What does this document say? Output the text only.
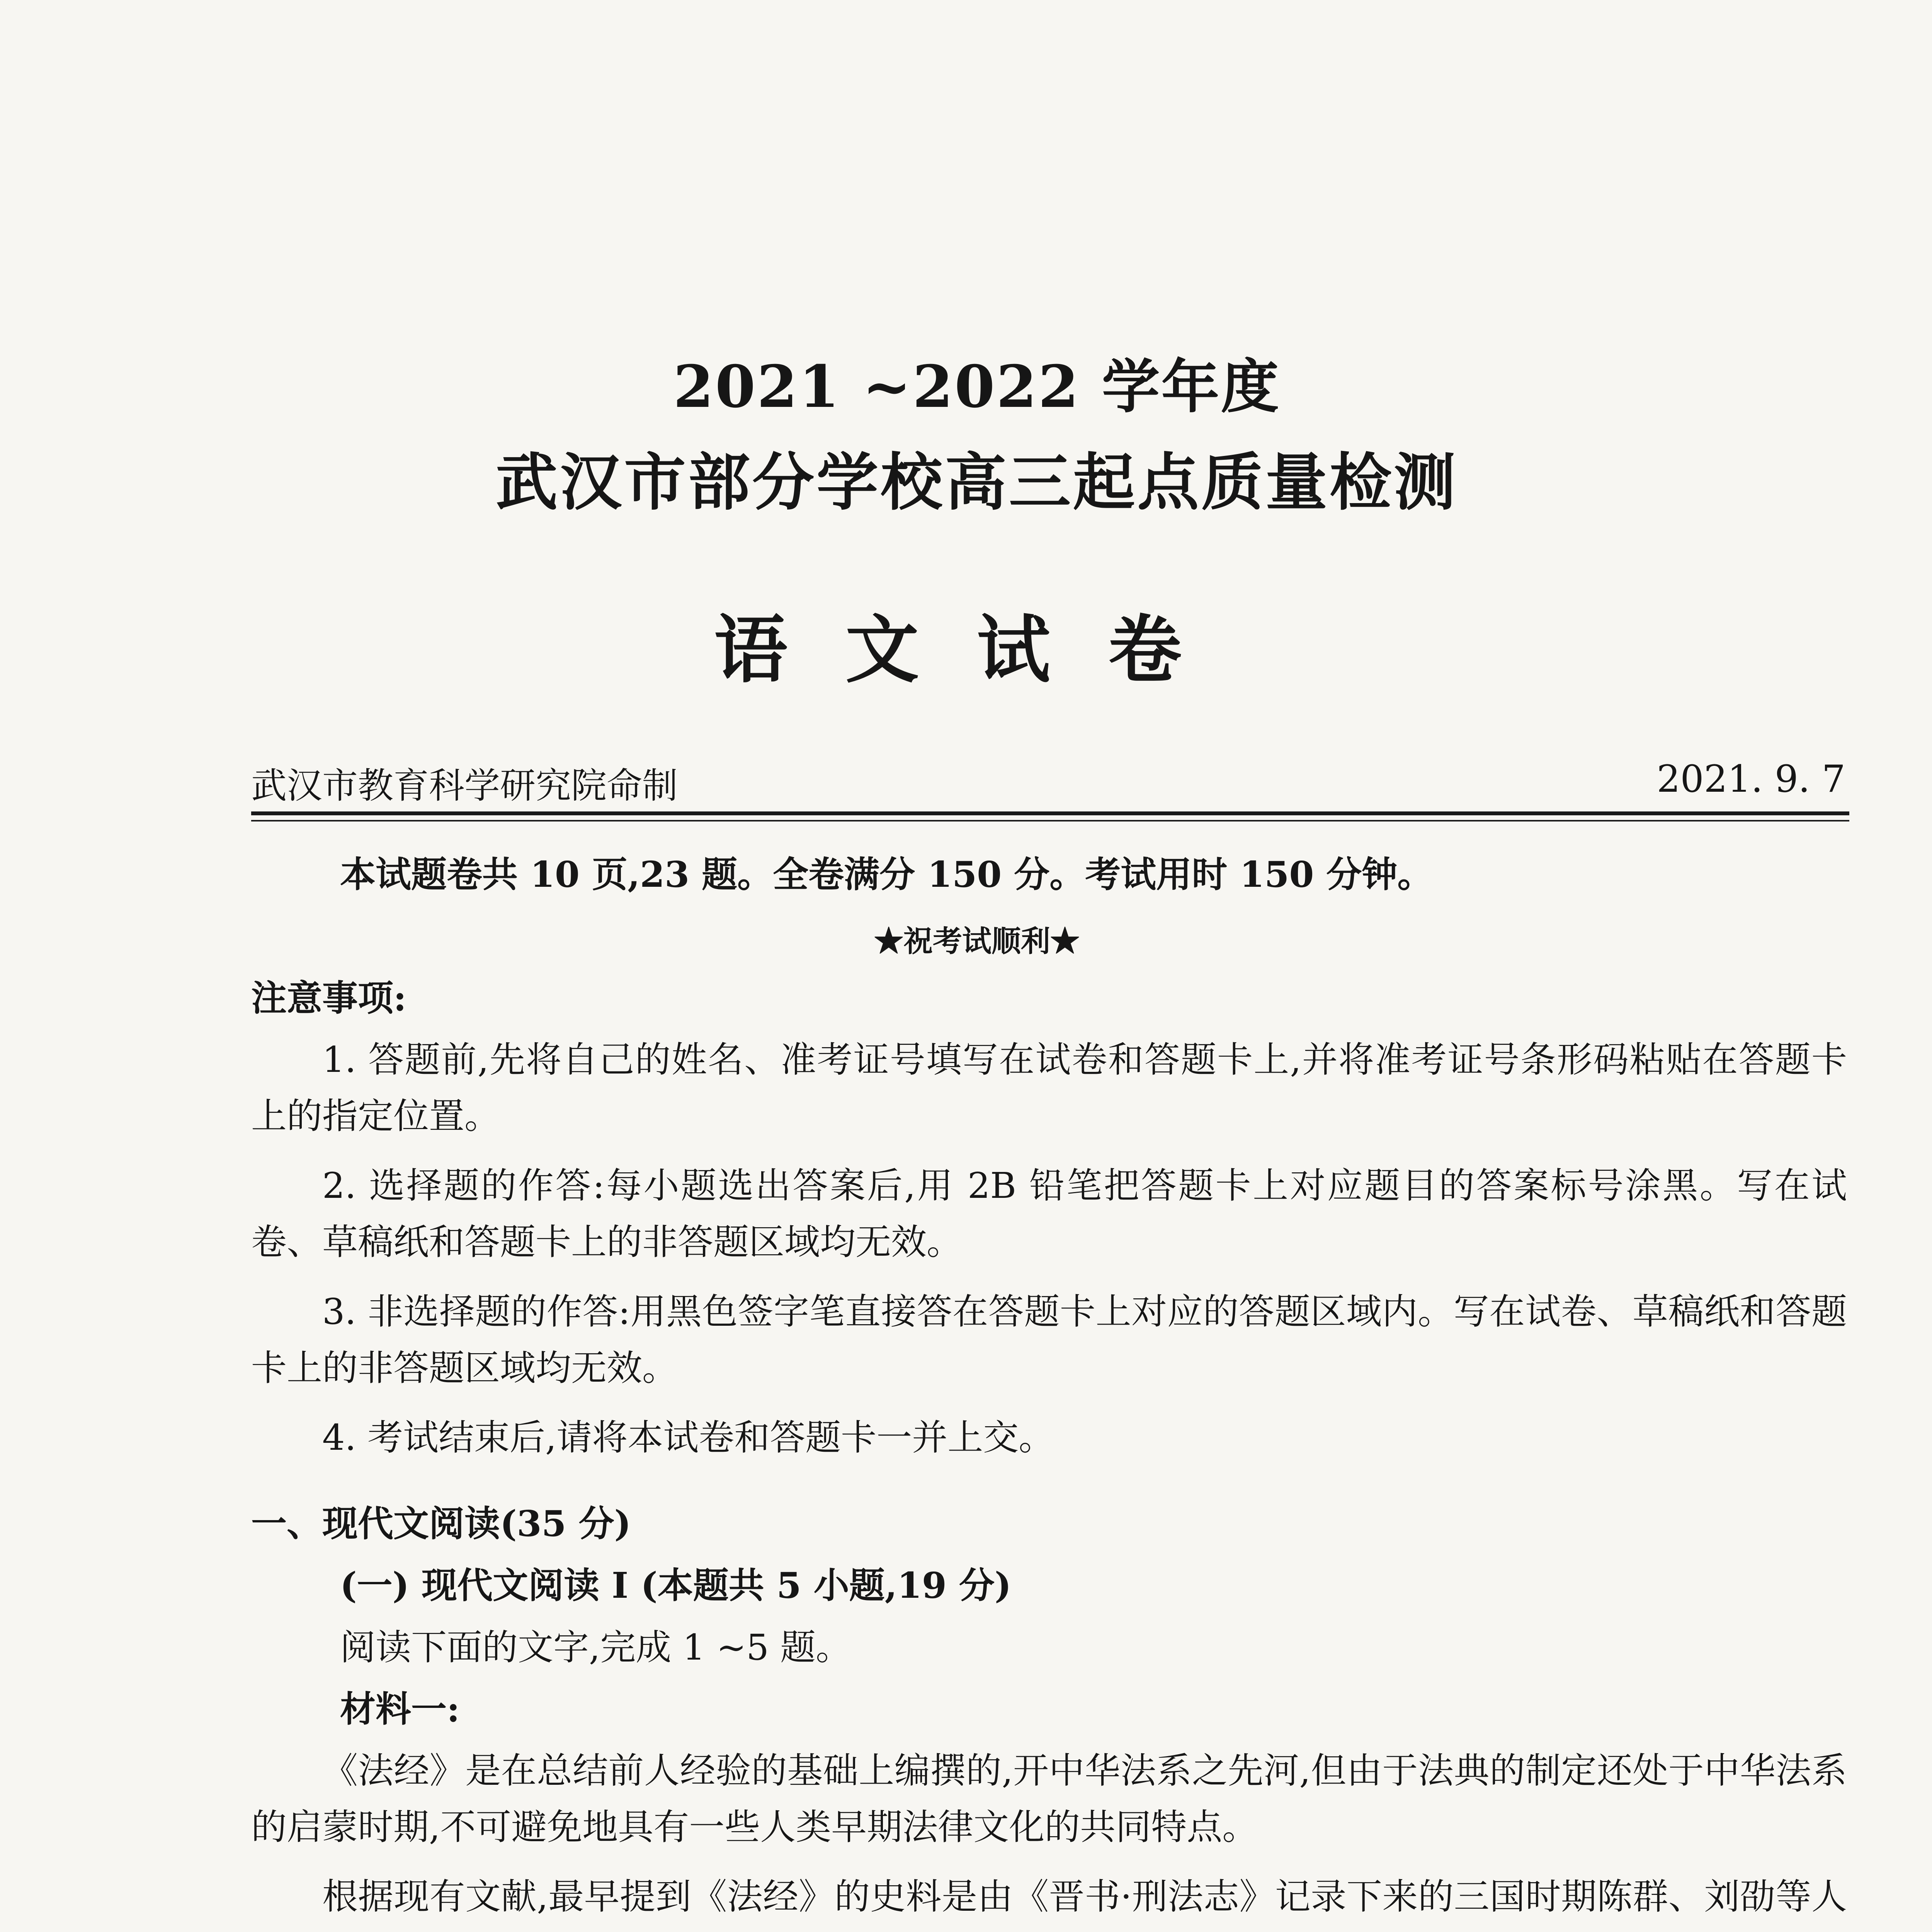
2021 ~2022 学年度
武汉市部分学校高三起点质量检测
语文试卷
武汉市教育科学研究院命制	2021. 9. 7
本试题卷共 10 页,23 题。全卷满分 150 分。考试用时 150 分钟。
★祝考试顺利★
注意事项:

1. 答题前,先将自己的姓名、准考证号填写在试卷和答题卡上,并将准考证号条形码粘贴在答题卡上的指定位置。

2. 选择题的作答:每小题选出答案后,用 2B 铅笔把答题卡上对应题目的答案标号涂黑。写在试卷、草稿纸和答题卡上的非答题区域均无效。

3. 非选择题的作答:用黑色签字笔直接答在答题卡上对应的答题区域内。写在试卷、草稿纸和答题卡上的非答题区域均无效。

4. 考试结束后,请将本试卷和答题卡一并上交。

一、现代文阅读(35 分)
(一) 现代文阅读 I (本题共 5 小题,19 分)
阅读下面的文字,完成 1 ~5 题。
材料一:

《法经》是在总结前人经验的基础上编撰的,开中华法系之先河,但由于法典的制定还处于中华法系的启蒙时期,不可避免地具有一些人类早期法律文化的共同特点。

根据现有文献,最早提到《法经》的史料是由《晋书·刑法志》记录下来的三国时期陈群、刘劭等人
